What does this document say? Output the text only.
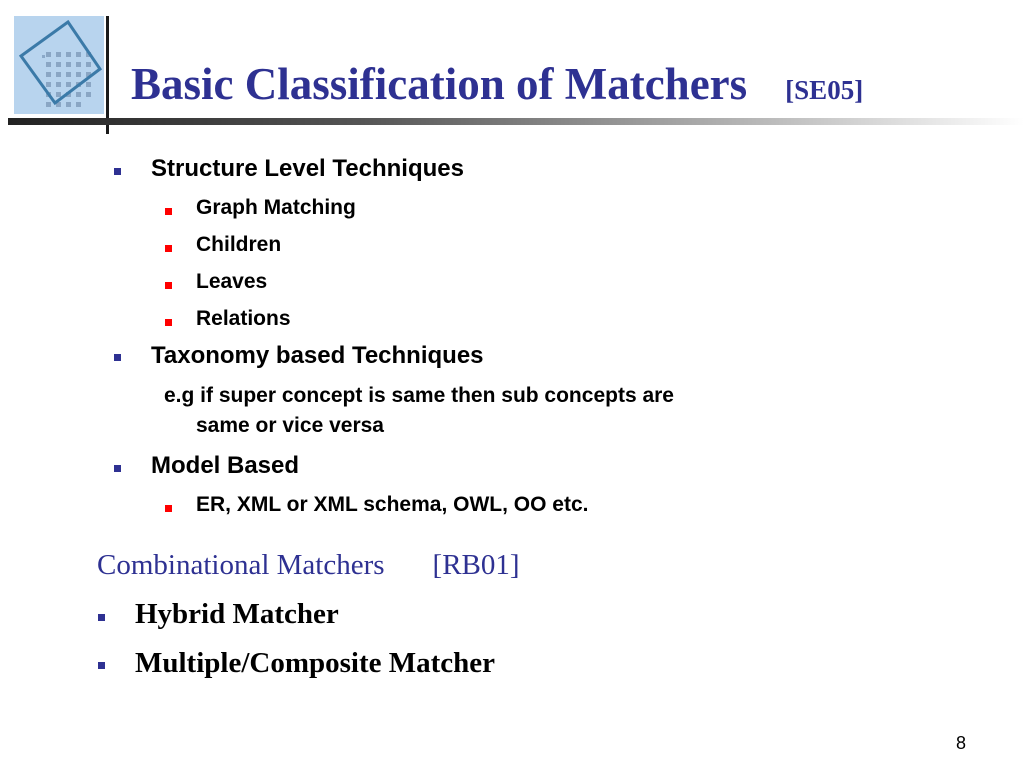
Basic Classification of Matchers [SE05]
Structure Level Techniques
Graph Matching
Children
Leaves
Relations
Taxonomy based Techniques
e.g if super concept is same then sub concepts are
same or vice versa
Model Based
ER, XML or XML schema, OWL, OO etc.
Combinational Matchers [RB01]
Hybrid Matcher
Multiple/Composite Matcher
8
